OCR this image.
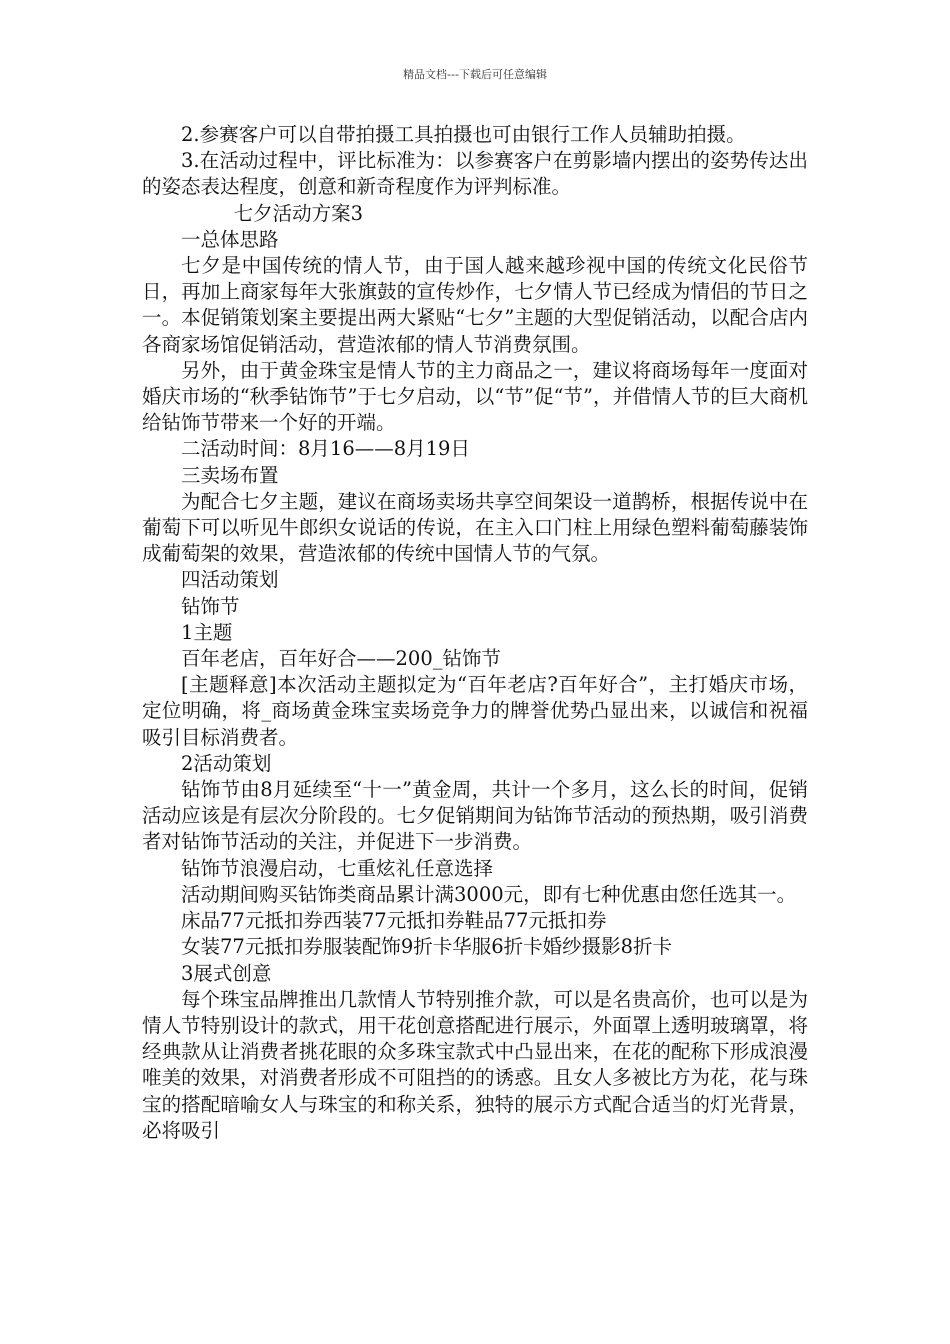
精品文档---下载后可任意编辑

2.参赛客户可以自带拍摄工具拍摄也可由银行工作人员辅助拍摄。

3.在活动过程中，评比标准为：以参赛客户在剪影墙内摆出的姿势传达出的姿态表达程度，创意和新奇程度作为评判标准。

七夕活动方案3

一总体思路

七夕是中国传统的情人节，由于国人越来越珍视中国的传统文化民俗节日，再加上商家每年大张旗鼓的宣传炒作，七夕情人节已经成为情侣的节日之一。本促销策划案主要提出两大紧贴“七夕”主题的大型促销活动，以配合店内各商家场馆促销活动，营造浓郁的情人节消费氛围。

另外，由于黄金珠宝是情人节的主力商品之一，建议将商场每年一度面对婚庆市场的“秋季钻饰节”于七夕启动，以“节”促“节”，并借情人节的巨大商机给钻饰节带来一个好的开端。

二活动时间：8月16——8月19日

三卖场布置

为配合七夕主题，建议在商场卖场共享空间架设一道鹊桥，根据传说中在葡萄下可以听见牛郎织女说话的传说，在主入口门柱上用绿色塑料葡萄藤装饰成葡萄架的效果，营造浓郁的传统中国情人节的气氛。

四活动策划

钻饰节

1主题

百年老店，百年好合——200_钻饰节

[主题释意]本次活动主题拟定为“百年老店?百年好合”，主打婚庆市场，定位明确，将_商场黄金珠宝卖场竞争力的牌誉优势凸显出来，以诚信和祝福吸引目标消费者。

2活动策划

钻饰节由8月延续至“十一”黄金周，共计一个多月，这么长的时间，促销活动应该是有层次分阶段的。七夕促销期间为钻饰节活动的预热期，吸引消费者对钻饰节活动的关注，并促进下一步消费。

钻饰节浪漫启动，七重炫礼任意选择

活动期间购买钻饰类商品累计满3000元，即有七种优惠由您任选其一。

床品77元抵扣券西装77元抵扣券鞋品77元抵扣券

女装77元抵扣券服装配饰9折卡华服6折卡婚纱摄影8折卡

3展式创意

每个珠宝品牌推出几款情人节特别推介款，可以是名贵高价，也可以是为情人节特别设计的款式，用干花创意搭配进行展示，外面罩上透明玻璃罩，将经典款从让消费者挑花眼的众多珠宝款式中凸显出来，在花的配称下形成浪漫唯美的效果，对消费者形成不可阻挡的的诱惑。且女人多被比方为花，花与珠宝的搭配暗喻女人与珠宝的和称关系，独特的展示方式配合适当的灯光背景，必将吸引
